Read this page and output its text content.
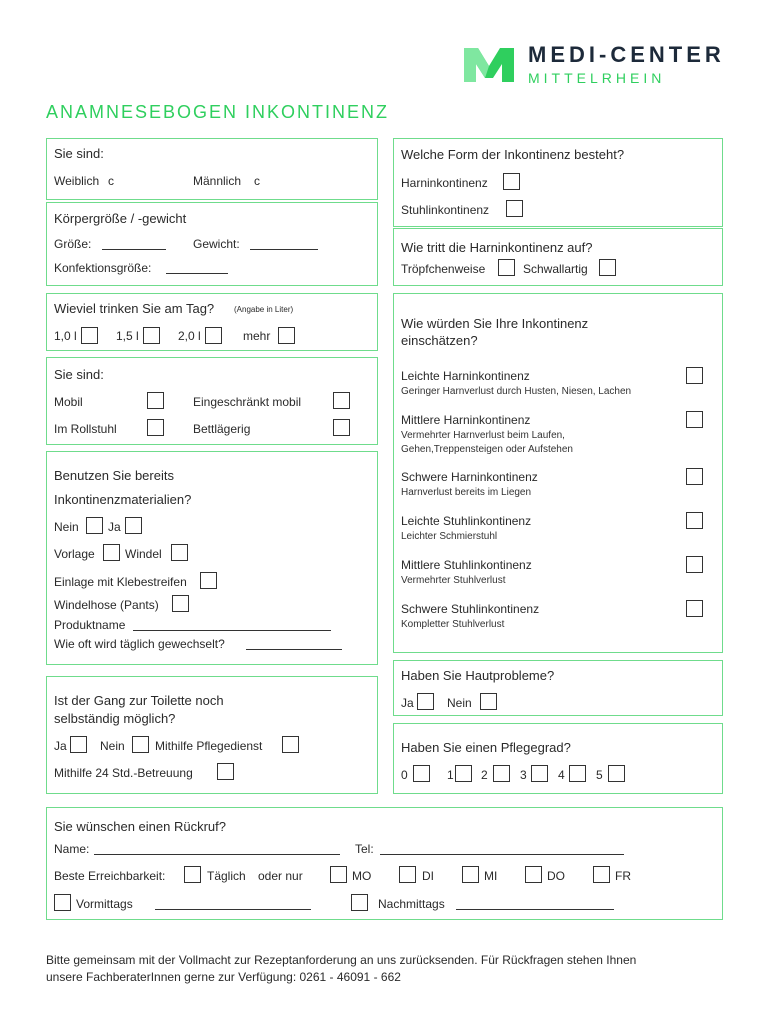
MEDI-CENTER
MITTELRHEIN
ANAMNESEBOGEN INKONTINENZ
Sie sind:
Weiblich c	Männlich c
Körpergröße / -gewicht
Größe:	Gewicht:
Konfektionsgröße:
Wieviel trinken Sie am Tag? (Angabe in Liter)
1,0 l	1,5 l	2,0 l	mehr
Sie sind:
Mobil	Eingeschränkt mobil
Im Rollstuhl	Bettlägerig
Benutzen Sie bereits
Inkontinenzmaterialien?
Nein Ja
Vorlage	Windel
Einlage mit Klebestreifen
Windelhose (Pants)
Produktname
Wie oft wird täglich gewechselt?
Ist der Gang zur Toilette noch
selbständig möglich?
Ja	Nein	Mithilfe Pflegedienst
Mithilfe 24 Std.-Betreuung
Welche Form der Inkontinenz besteht?
Harninkontinenz
Stuhlinkontinenz
Wie tritt die Harninkontinenz auf?
Tröpfchenweise	Schwallartig
Wie würden Sie Ihre Inkontinenz
einschätzen?
Leichte Harninkontinenz
Geringer Harnverlust durch Husten, Niesen, Lachen
Mittlere Harninkontinenz
Vermehrter Harnverlust beim Laufen,
Gehen,Treppensteigen oder Aufstehen
Schwere Harninkontinenz
Harnverlust bereits im Liegen
Leichte Stuhlinkontinenz
Leichter Schmierstuhl
Mittlere Stuhlinkontinenz
Vermehrter Stuhlverlust
Schwere Stuhlinkontinenz
Kompletter Stuhlverlust
Haben Sie Hautprobleme?
Ja	Nein
Haben Sie einen Pflegegrad?
0	1 2	3	4	5
Sie wünschen einen Rückruf?
Name:	Tel:
Beste Erreichbarkeit:	Täglich oder nur	MO	DI	MI	DO	FR
Vormittags	Nachmittags
Bitte gemeinsam mit der Vollmacht zur Rezeptanforderung an uns zurücksenden. Für Rückfragen stehen Ihnen
unsere FachberaterInnen gerne zur Verfügung: 0261 - 46091 - 662
